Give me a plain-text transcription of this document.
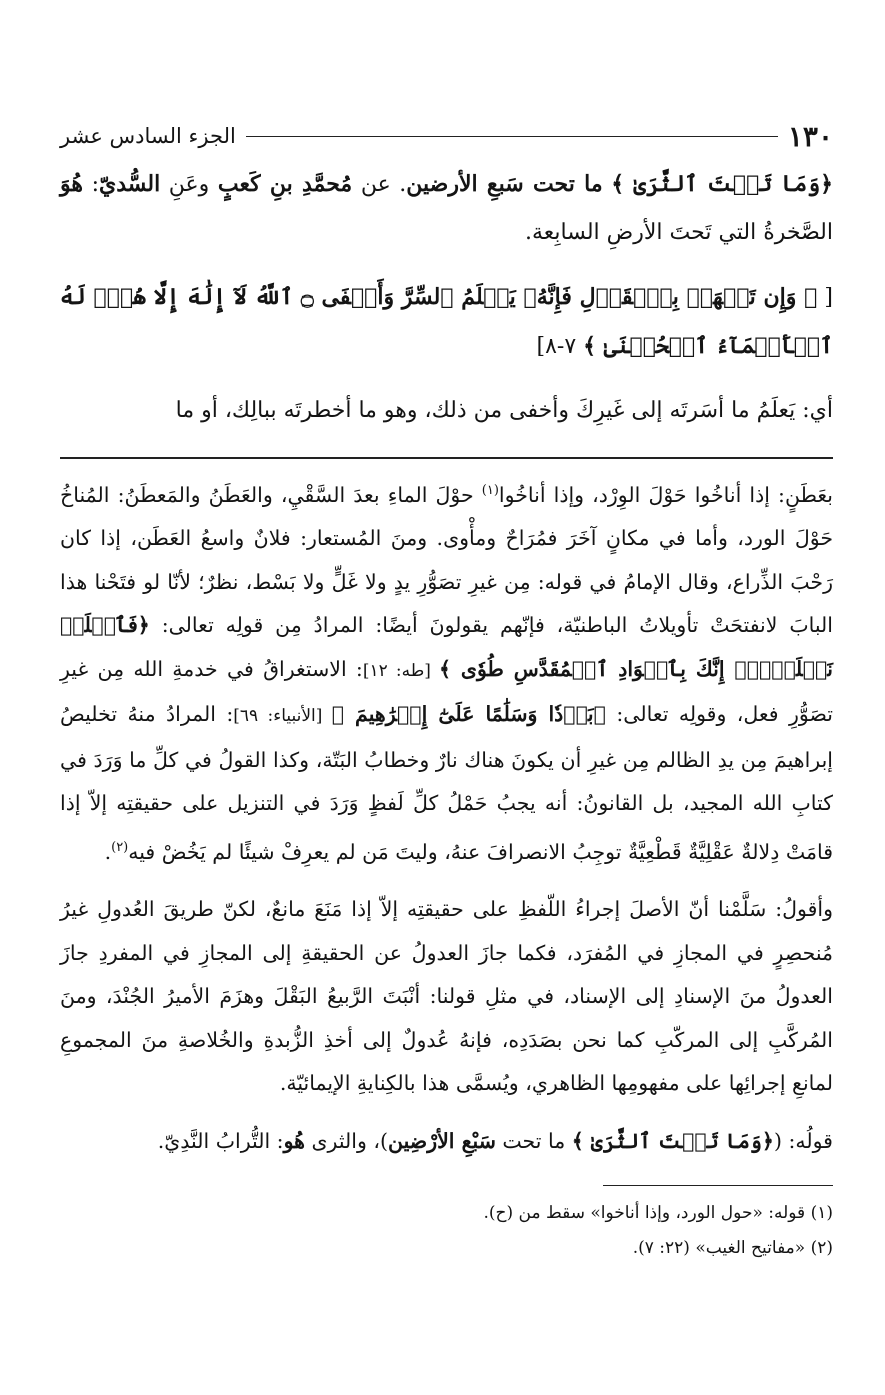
١٣٠
الجزء السادس عشر

﴿وَمَا تَحۡتَ ٱلثَّرَىٰ ﴾ ما تحت سَبعِ الأرضين. عن مُحمَّدِ بنِ كَعبٍ وعَنِ السُّديّ: هُوَ الصَّخرةُ التي تَحتَ الأرضِ السابِعة.

[ ﴿ وَإِن تَجۡهَرۡ بِٱلۡقَوۡلِ فَإِنَّهُۥ يَعۡلَمُ ٱلسِّرَّ وَأَخۡفَى ۝ ٱللَّهُ لَآ إِلَٰهَ إِلَّا هُوَۖ لَهُ ٱلۡأَسۡمَآءُ ٱلۡحُسۡنَىٰ ﴾ ٧-٨]

أي: يَعلَمُ ما أسَرتَه إلى غَيرِكَ وأخفى من ذلك، وهو ما أخطرتَه ببالِك، أو ما

بعَطَنٍ: إذا أناخُوا حَوْلَ الوِرْد، وإذا أناخُوا$^{(١)}$ حوْلَ الماءِ بعدَ السَّقْيِ، والعَطَنُ والمَعطَنُ: المُناخُ حَوْلَ الورد، وأما في مكانٍ آخَرَ فمُرَاحٌ ومأْوى. ومنَ المُستعار: فلانٌ واسعُ العَطَن، إذا كان رَحْبَ الذِّراع، وقال الإمامُ في قوله: مِن غيرِ تصَوُّرِ يدٍ ولا غَلٍّ ولا بَسْط، نظرٌ؛ لأنّا لو فتَحْنا هذا البابَ لانفتحَتْ تأويلاتُ الباطنيّة، فإنّهم يقولونَ أيضًا: المرادُ مِن قولِه تعالى: ﴿فَٱخۡلَعۡ نَعۡلَيۡكَۖ إِنَّكَ بِٱلۡوَادِ ٱلۡمُقَدَّسِ طُوٗى ﴾ [طه: ١٢]: الاستغراقُ في خدمةِ الله مِن غيرِ تصَوُّرِ فعل، وقولِه تعالى: ﴿بَرۡدٗا وَسَلَٰمًا عَلَىٰٓ إِبۡرَٰهِيمَ ﴾ [الأنبياء: ٦٩]: المرادُ منهُ تخليصُ إبراهيمَ مِن يدِ الظالم مِن غيرِ أن يكونَ هناك نارٌ وخطابُ البَتّة، وكذا القولُ في كلِّ ما وَرَدَ في كتابِ الله المجيد، بل القانونُ: أنه يجبُ حَمْلُ كلِّ لَفظٍ وَرَدَ في التنزيل على حقيقتِه إلاّ إذا قامَتْ دِلالةٌ عَقْلِيَّةٌ قَطْعِيَّةٌ توجِبُ الانصرافَ عنهُ، وليتَ مَن لم يعرِفْ شيئًا لم يَخُضْ فيه$^{(٢)}$.

وأقولُ: سَلَّمْنا أنّ الأصلَ إجراءُ اللّفظِ على حقيقتِه إلاّ إذا مَنَعَ مانعٌ، لكنّ طريقَ العُدولِ غيرُ مُنحصِرٍ في المجازِ في المُفرَد، فكما جازَ العدولُ عن الحقيقةِ إلى المجازِ في المفردِ جازَ العدولُ منَ الإسنادِ إلى الإسناد، في مثلِ قولنا: أنْبَتَ الرَّبيعُ البَقْلَ وهزَمَ الأميرُ الجُنْدَ، ومنَ المُركَّبِ إلى المركّبِ كما نحن بصَدَدِه، فإنهُ عُدولٌ إلى أخذِ الزُّبدةِ والخُلاصةِ منَ المجموعِ لمانعِ إجرائِها على مفهومِها الظاهري، ويُسمَّى هذا بالكِنايةِ الإيمائيّة.

قولُه: (﴿وَمَا تَحۡتَ ٱلثَّرَىٰ ﴾ ما تحت سَبْعِ الأرْضِين)، والثرى هُو: التُّرابُ النَّدِيّ.

(١) قوله: «حول الورد، وإذا أناخوا» سقط من (ح).
(٢) «مفاتيح الغيب» (٢٢: ٧).
